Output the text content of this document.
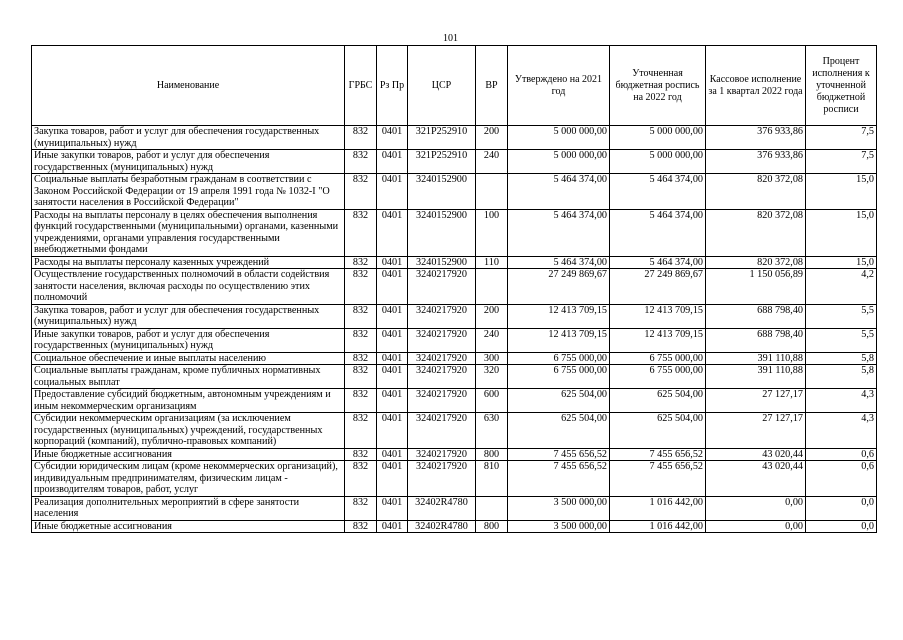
101
Наименование	ГРБС	Рз Пр	ЦСР	ВР	Утверждено на 2021 год	Уточненная бюджетная роспись на 2022 год	Кассовое исполнение за 1 квартал 2022 года	Процент исполнения к уточненной бюджетной росписи
Закупка товаров, работ и услуг для обеспечения государственных (муниципальных) нужд	832	0401	321P252910	200	5 000 000,00	5 000 000,00	376 933,86	7,5
Иные закупки товаров, работ и услуг для обеспечения государственных (муниципальных) нужд	832	0401	321P252910	240	5 000 000,00	5 000 000,00	376 933,86	7,5
Социальные выплаты безработным гражданам в соответствии с Законом Российской Федерации от 19 апреля 1991 года № 1032-I "О занятости населения в Российской Федерации"	832	0401	3240152900		5 464 374,00	5 464 374,00	820 372,08	15,0
Расходы на выплаты персоналу в целях обеспечения выполнения функций государственными (муниципальными) органами, казенными учреждениями, органами управления государственными внебюджетными фондами	832	0401	3240152900	100	5 464 374,00	5 464 374,00	820 372,08	15,0
Расходы на выплаты персоналу казенных учреждений	832	0401	3240152900	110	5 464 374,00	5 464 374,00	820 372,08	15,0
Осуществление государственных полномочий в области содействия занятости населения, включая расходы по осуществлению этих полномочий	832	0401	3240217920		27 249 869,67	27 249 869,67	1 150 056,89	4,2
Закупка товаров, работ и услуг для обеспечения государственных (муниципальных) нужд	832	0401	3240217920	200	12 413 709,15	12 413 709,15	688 798,40	5,5
Иные закупки товаров, работ и услуг для обеспечения государственных (муниципальных) нужд	832	0401	3240217920	240	12 413 709,15	12 413 709,15	688 798,40	5,5
Социальное обеспечение и иные выплаты населению	832	0401	3240217920	300	6 755 000,00	6 755 000,00	391 110,88	5,8
Социальные выплаты гражданам, кроме публичных нормативных социальных выплат	832	0401	3240217920	320	6 755 000,00	6 755 000,00	391 110,88	5,8
Предоставление субсидий бюджетным, автономным учреждениям и иным некоммерческим организациям	832	0401	3240217920	600	625 504,00	625 504,00	27 127,17	4,3
Субсидии некоммерческим организациям (за исключением государственных (муниципальных) учреждений, государственных корпораций (компаний), публично-правовых компаний)	832	0401	3240217920	630	625 504,00	625 504,00	27 127,17	4,3
Иные бюджетные ассигнования	832	0401	3240217920	800	7 455 656,52	7 455 656,52	43 020,44	0,6
Субсидии юридическим лицам (кроме некоммерческих организаций), индивидуальным предпринимателям, физическим лицам - производителям товаров, работ, услуг	832	0401	3240217920	810	7 455 656,52	7 455 656,52	43 020,44	0,6
Реализация дополнительных мероприятий в сфере занятости населения	832	0401	32402R4780		3 500 000,00	1 016 442,00	0,00	0,0
Иные бюджетные ассигнования	832	0401	32402R4780	800	3 500 000,00	1 016 442,00	0,00	0,0
